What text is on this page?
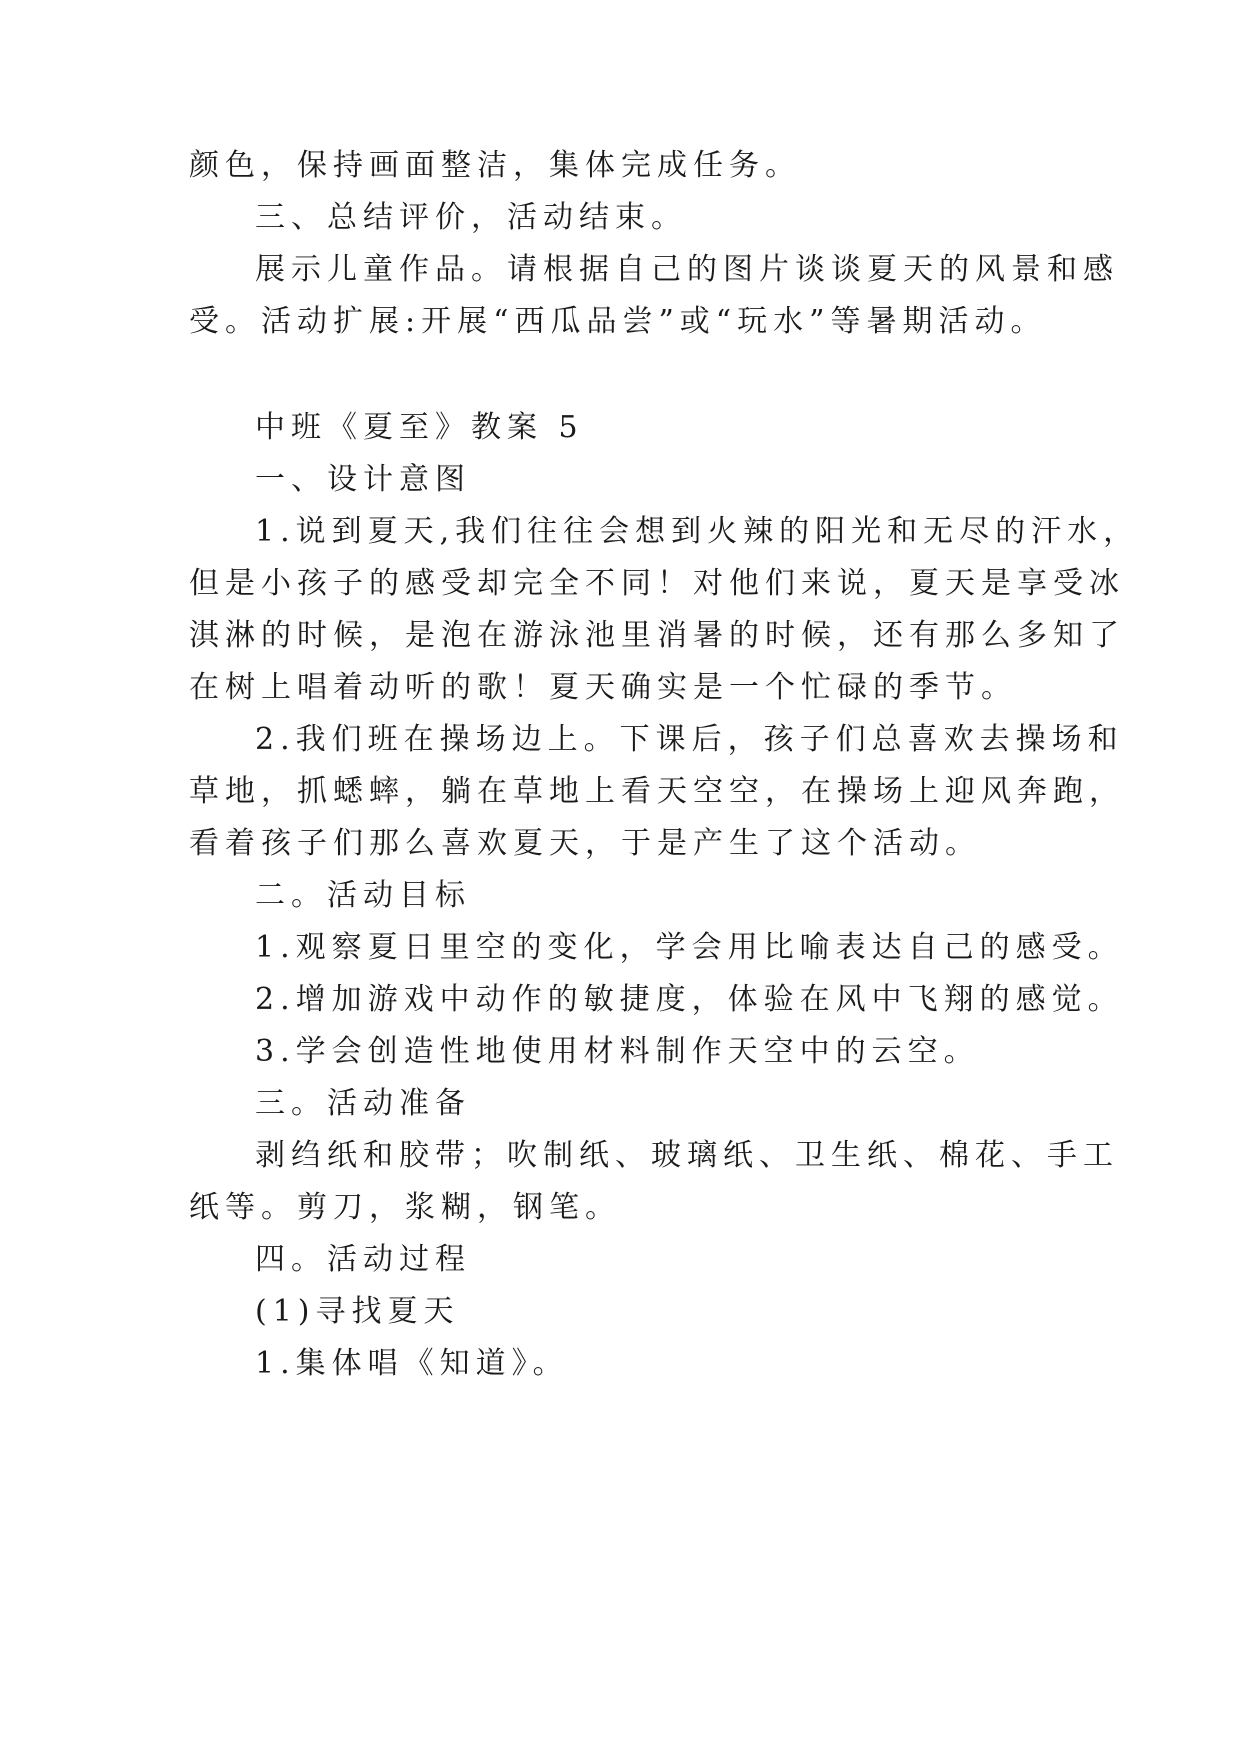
颜色，保持画面整洁，集体完成任务。
三、总结评价，活动结束。
展示儿童作品。请根据自己的图片谈谈夏天的风景和感
受。活动扩展:开展“西瓜品尝”或“玩水”等暑期活动。
中班《夏至》教案 5
一、设计意图
1.说到夏天,我们往往会想到火辣的阳光和无尽的汗水，
但是小孩子的感受却完全不同！对他们来说，夏天是享受冰
淇淋的时候，是泡在游泳池里消暑的时候，还有那么多知了
在树上唱着动听的歌！夏天确实是一个忙碌的季节。
2.我们班在操场边上。下课后，孩子们总喜欢去操场和
草地，抓蟋蟀，躺在草地上看天空空，在操场上迎风奔跑，
看着孩子们那么喜欢夏天，于是产生了这个活动。
二。活动目标
1.观察夏日里空的变化，学会用比喻表达自己的感受。
2.增加游戏中动作的敏捷度，体验在风中飞翔的感觉。
3.学会创造性地使用材料制作天空中的云空。
三。活动准备
剥绉纸和胶带；吹制纸、玻璃纸、卫生纸、棉花、手工
纸等。剪刀，浆糊，钢笔。
四。活动过程
(1)寻找夏天
1.集体唱《知道》。
